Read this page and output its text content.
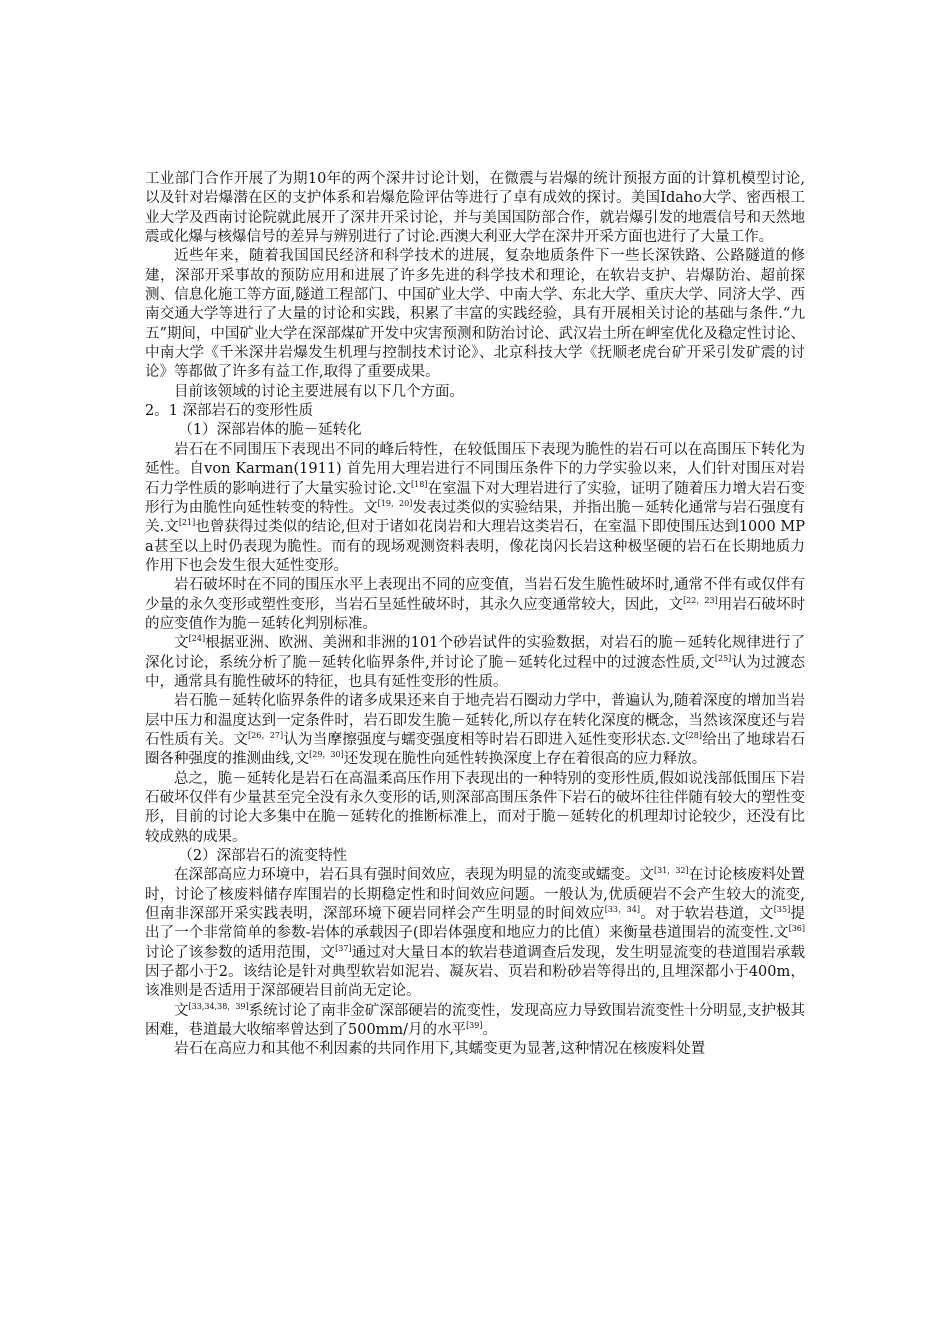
工业部门合作开展了为期10年的两个深井讨论计划，在微震与岩爆的统计预报方面的计算机模型讨论,以及针对岩爆潜在区的支护体系和岩爆危险评估等进行了卓有成效的探讨。美国Idaho大学、密西根工业大学及西南讨论院就此展开了深井开采讨论，并与美国国防部合作，就岩爆引发的地震信号和天然地震或化爆与核爆信号的差异与辨别进行了讨论.西澳大利亚大学在深井开采方面也进行了大量工作。

近些年来，随着我国国民经济和科学技术的进展，复杂地质条件下一些长深铁路、公路隧道的修建，深部开采事故的预防应用和进展了许多先进的科学技术和理论，在软岩支护、岩爆防治、超前探测、信息化施工等方面,隧道工程部门、中国矿业大学、中南大学、东北大学、重庆大学、同济大学、西南交通大学等进行了大量的讨论和实践，积累了丰富的实践经验，具有开展相关讨论的基础与条件.“九五”期间，中国矿业大学在深部煤矿开发中灾害预测和防治讨论、武汉岩土所在岬室优化及稳定性讨论、中南大学《千米深井岩爆发生机理与控制技术讨论》、北京科技大学《抚顺老虎台矿开采引发矿震的讨论》等都做了许多有益工作,取得了重要成果。

目前该领域的讨论主要进展有以下几个方面。

2。1 深部岩石的变形性质

（1）深部岩体的脆－延转化

岩石在不同围压下表现出不同的峰后特性，在较低围压下表现为脆性的岩石可以在高围压下转化为延性。自von Karman(1911) 首先用大理岩进行不同围压条件下的力学实验以来，人们针对围压对岩石力学性质的影响进行了大量实验讨论.文[18]在室温下对大理岩进行了实验，证明了随着压力增大岩石变形行为由脆性向延性转变的特性。文[19，20]发表过类似的实验结果，并指出脆－延转化通常与岩石强度有关.文[21]也曾获得过类似的结论,但对于诸如花岗岩和大理岩这类岩石，在室温下即使围压达到1000 MPa甚至以上时仍表现为脆性。而有的现场观测资料表明，像花岗闪长岩这种极坚硬的岩石在长期地质力作用下也会发生很大延性变形。

岩石破坏时在不同的围压水平上表现出不同的应变值，当岩石发生脆性破坏时,通常不伴有或仅伴有少量的永久变形或塑性变形，当岩石呈延性破坏时，其永久应变通常较大，因此，文[22，23]用岩石破坏时的应变值作为脆－延转化判别标准。

文[24]根据亚洲、欧洲、美洲和非洲的101个砂岩试件的实验数据，对岩石的脆－延转化规律进行了深化讨论，系统分析了脆－延转化临界条件,并讨论了脆－延转化过程中的过渡态性质,文[25]认为过渡态中，通常具有脆性破坏的特征，也具有延性变形的性质。

岩石脆－延转化临界条件的诸多成果还来自于地壳岩石圈动力学中，普遍认为,随着深度的增加当岩层中压力和温度达到一定条件时，岩石即发生脆－延转化,所以存在转化深度的概念，当然该深度还与岩石性质有关。文[26，27]认为当摩擦强度与蠕变强度相等时岩石即进入延性变形状态.文[28]给出了地球岩石圈各种强度的推测曲线,文[29，30]还发现在脆性向延性转换深度上存在着很高的应力释放。

总之，脆－延转化是岩石在高温柔高压作用下表现出的一种特别的变形性质,假如说浅部低围压下岩石破坏仅伴有少量甚至完全没有永久变形的话,则深部高围压条件下岩石的破坏往往伴随有较大的塑性变形，目前的讨论大多集中在脆－延转化的推断标准上，而对于脆－延转化的机理却讨论较少，还没有比较成熟的成果。

（2）深部岩石的流变特性

在深部高应力环境中，岩石具有强时间效应，表现为明显的流变或蠕变。文[31，32]在讨论核废料处置时，讨论了核废料储存库围岩的长期稳定性和时间效应问题。一般认为,优质硬岩不会产生较大的流变,但南非深部开采实践表明，深部环境下硬岩同样会产生明显的时间效应[33，34]。对于软岩巷道，文[35]提出了一个非常简单的参数-岩体的承载因子(即岩体强度和地应力的比值）来衡量巷道围岩的流变性.文[36]讨论了该参数的适用范围，文[37]通过对大量日本的软岩巷道调查后发现，发生明显流变的巷道围岩承载因子都小于2。该结论是针对典型软岩如泥岩、凝灰岩、页岩和粉砂岩等得出的,且埋深都小于400m，该准则是否适用于深部硬岩目前尚无定论。

文[33,34,38，39]系统讨论了南非金矿深部硬岩的流变性，发现高应力导致围岩流变性十分明显,支护极其困难，巷道最大收缩率曾达到了500mm/月的水平[39]。

岩石在高应力和其他不利因素的共同作用下,其蠕变更为显著,这种情况在核废料处置
